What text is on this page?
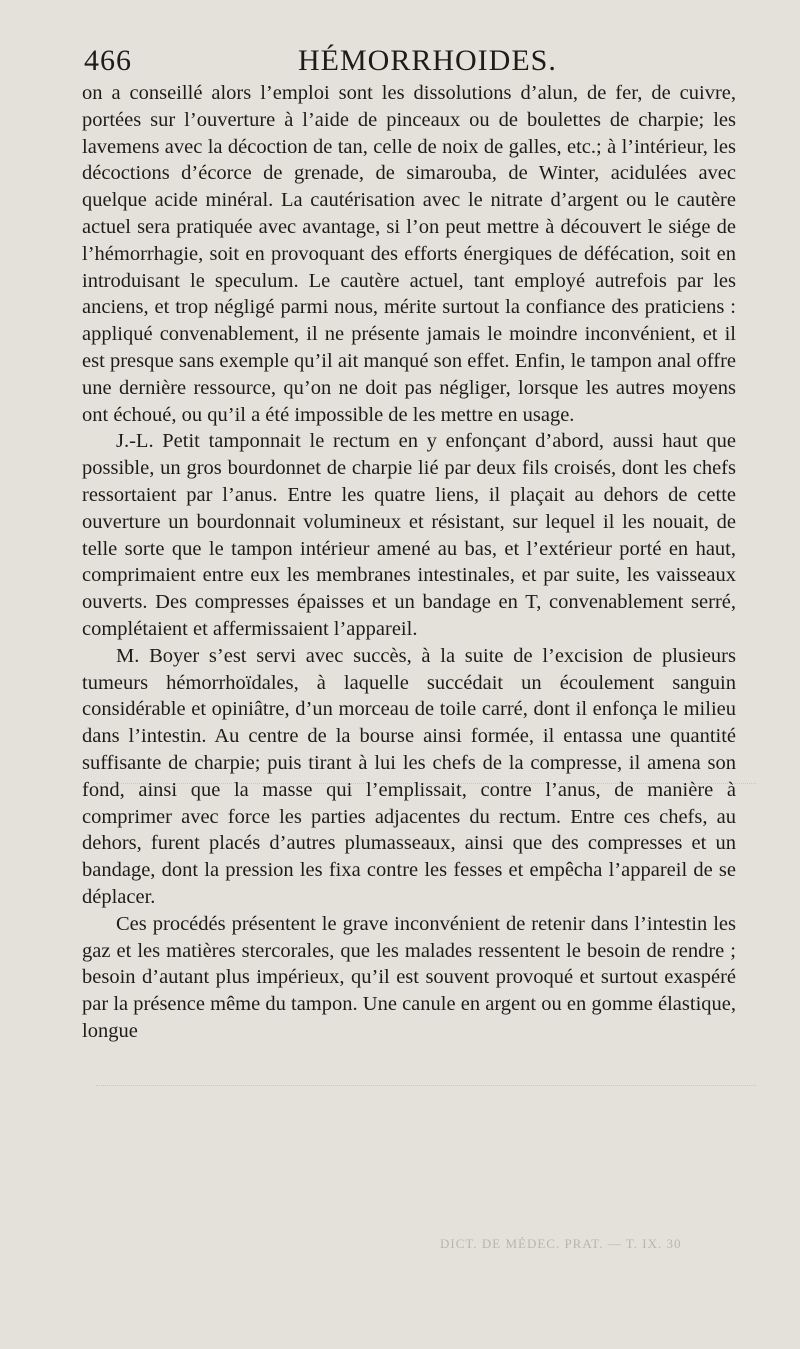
466	HÉMORRHOIDES.

on a conseillé alors l’emploi sont les dissolutions d’alun, de fer, de cuivre, portées sur l’ouverture à l’aide de pinceaux ou de boulettes de charpie; les lavemens avec la décoction de tan, celle de noix de galles, etc.; à l’intérieur, les décoctions d’écorce de grenade, de simarouba, de Winter, acidulées avec quelque acide minéral. La cautérisation avec le nitrate d’argent ou le cautère actuel sera pratiquée avec avantage, si l’on peut mettre à découvert le siége de l’hémorrhagie, soit en provoquant des efforts énergiques de défécation, soit en introduisant le speculum. Le cautère actuel, tant employé autrefois par les anciens, et trop négligé parmi nous, mérite surtout la confiance des praticiens : appliqué convenablement, il ne présente jamais le moindre inconvénient, et il est presque sans exemple qu’il ait manqué son effet. Enfin, le tampon anal offre une dernière ressource, qu’on ne doit pas négliger, lorsque les autres moyens ont échoué, ou qu’il a été impossible de les mettre en usage.

J.-L. Petit tamponnait le rectum en y enfonçant d’abord, aussi haut que possible, un gros bourdonnet de charpie lié par deux fils croisés, dont les chefs ressortaient par l’anus. Entre les quatre liens, il plaçait au dehors de cette ouverture un bourdonnait volumineux et résistant, sur lequel il les nouait, de telle sorte que le tampon intérieur amené au bas, et l’extérieur porté en haut, comprimaient entre eux les membranes intestinales, et par suite, les vaisseaux ouverts. Des compresses épaisses et un bandage en T, convenablement serré, complétaient et affermissaient l’appareil.

M. Boyer s’est servi avec succès, à la suite de l’excision de plusieurs tumeurs hémorrhoïdales, à laquelle succédait un écoulement sanguin considérable et opiniâtre, d’un morceau de toile carré, dont il enfonça le milieu dans l’intestin. Au centre de la bourse ainsi formée, il entassa une quantité suffisante de charpie; puis tirant à lui les chefs de la compresse, il amena son fond, ainsi que la masse qui l’emplissait, contre l’anus, de manière à comprimer avec force les parties adjacentes du rectum. Entre ces chefs, au dehors, furent placés d’autres plumasseaux, ainsi que des compresses et un bandage, dont la pression les fixa contre les fesses et empêcha l’appareil de se déplacer.

Ces procédés présentent le grave inconvénient de retenir dans l’intestin les gaz et les matières stercorales, que les malades ressentent le besoin de rendre ; besoin d’autant plus impérieux, qu’il est souvent provoqué et surtout exaspéré par la présence même du tampon. Une canule en argent ou en gomme élastique, longue

DICT. DE MÉDEC. PRAT. — T. IX. 30
